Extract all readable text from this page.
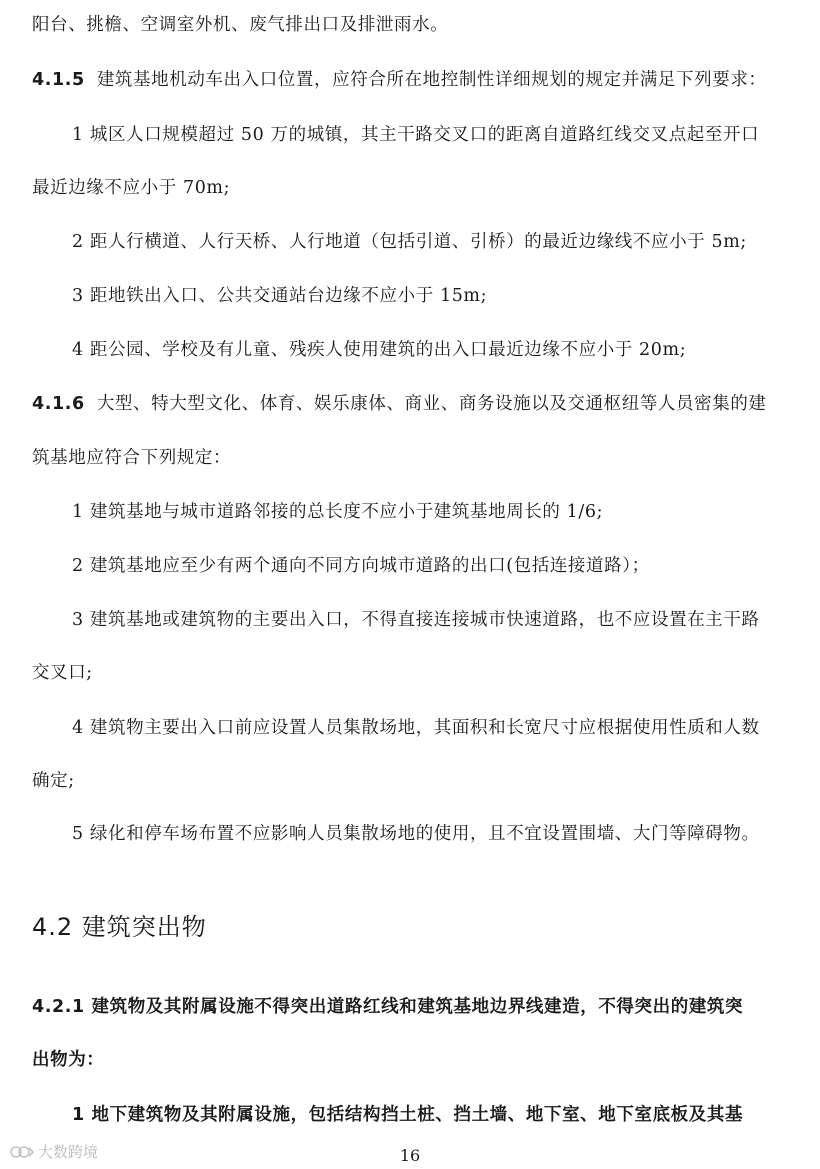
阳台、挑檐、空调室外机、废气排出口及排泄雨水。
4.1.5 建筑基地机动车出入口位置，应符合所在地控制性详细规划的规定并满足下列要求：
1 城区人口规模超过 50 万的城镇，其主干路交叉口的距离自道路红线交叉点起至开口
最近边缘不应小于 70m;
2 距人行横道、人行天桥、人行地道（包括引道、引桥）的最近边缘线不应小于 5m;
3 距地铁出入口、公共交通站台边缘不应小于 15m;
4 距公园、学校及有儿童、残疾人使用建筑的出入口最近边缘不应小于 20m;
4.1.6 大型、特大型文化、体育、娱乐康体、商业、商务设施以及交通枢纽等人员密集的建
筑基地应符合下列规定：
1 建筑基地与城市道路邻接的总长度不应小于建筑基地周长的 1/6;
2 建筑基地应至少有两个通向不同方向城市道路的出口(包括连接道路）；
3 建筑基地或建筑物的主要出入口，不得直接连接城市快速道路，也不应设置在主干路
交叉口;
4 建筑物主要出入口前应设置人员集散场地，其面积和长宽尺寸应根据使用性质和人数
确定;
5 绿化和停车场布置不应影响人员集散场地的使用，且不宜设置围墙、大门等障碍物。
4.2 建筑突出物
4.2.1 建筑物及其附属设施不得突出道路红线和建筑基地边界线建造，不得突出的建筑突
出物为：
1 地下建筑物及其附属设施，包括结构挡土桩、挡土墙、地下室、地下室底板及其基
16
大数跨境
